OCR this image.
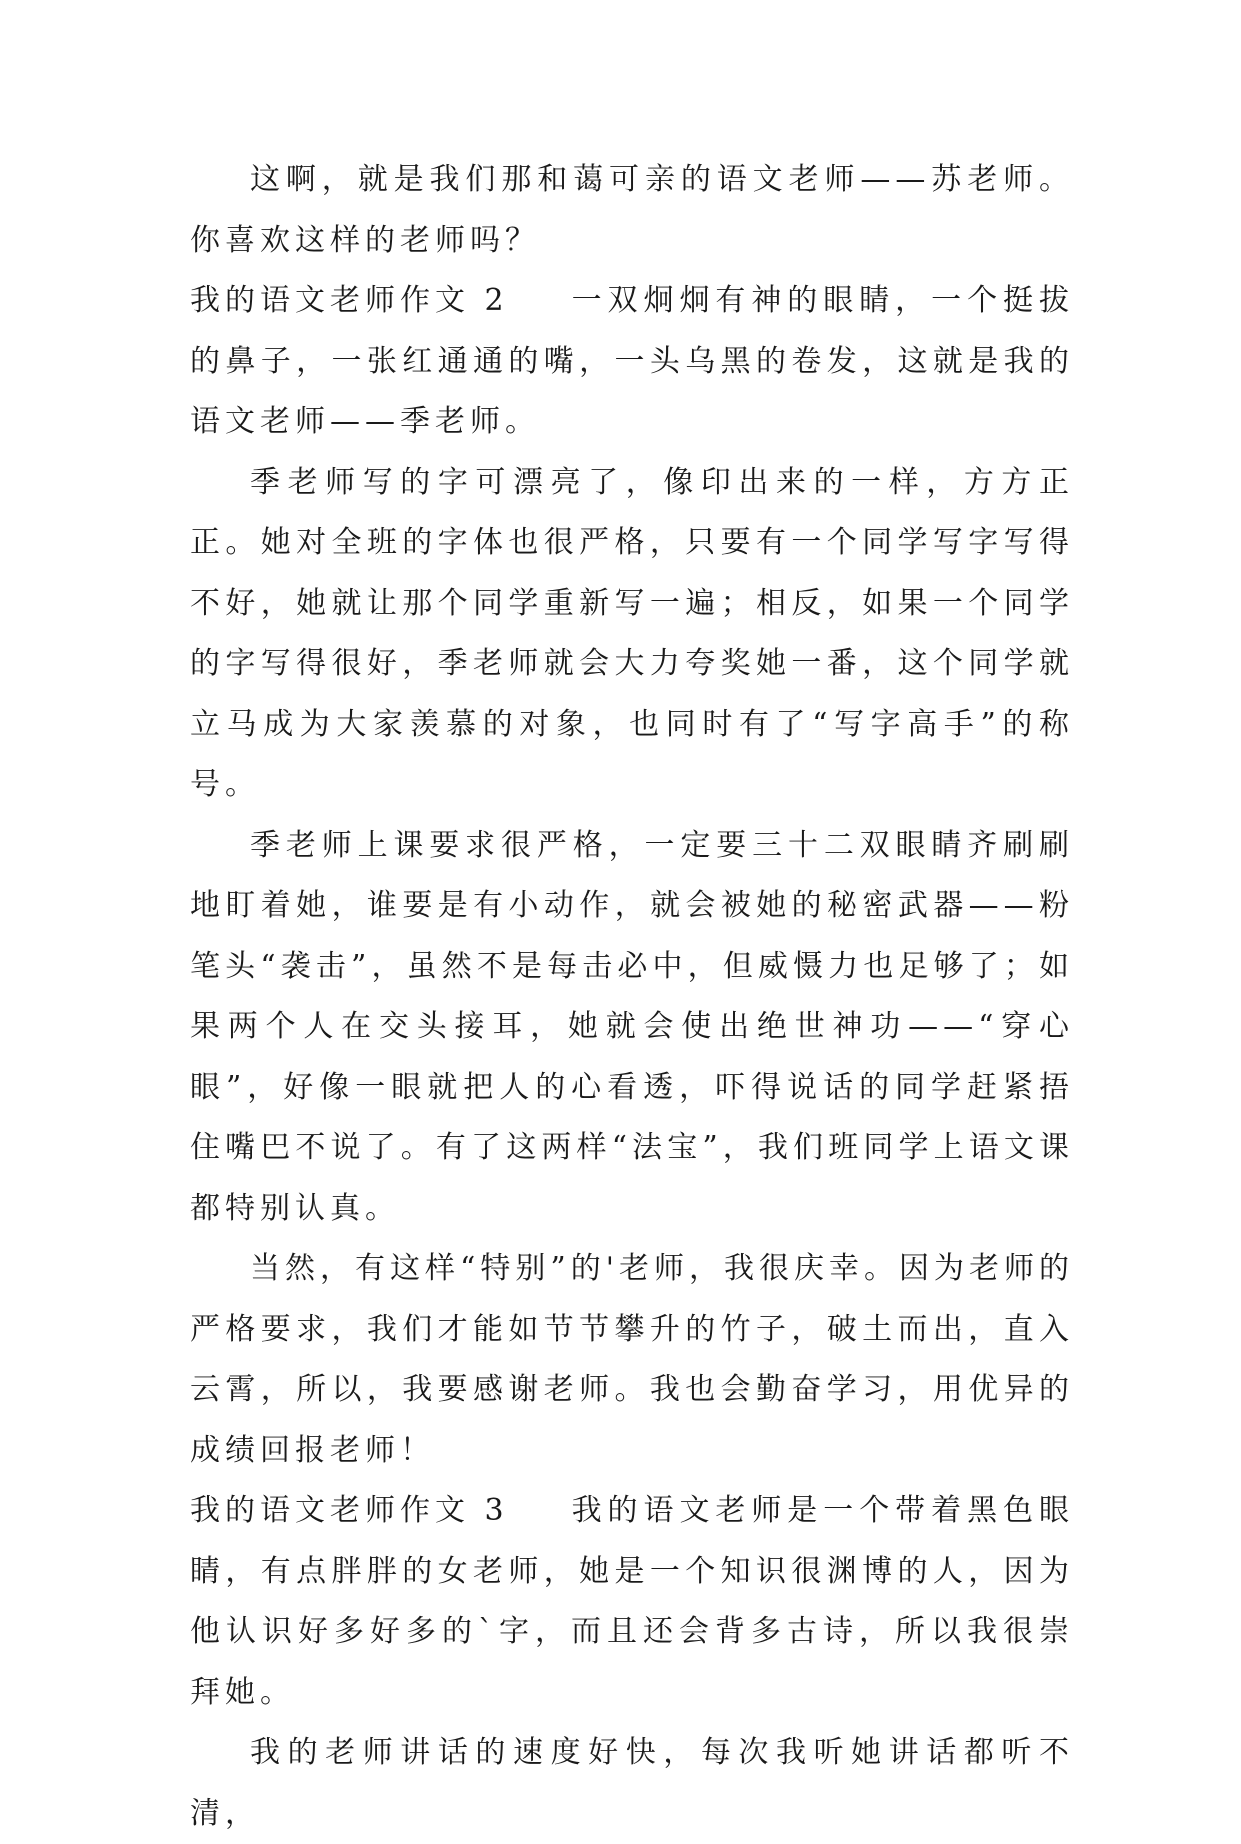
这啊，就是我们那和蔼可亲的语文老师——苏老师。你喜欢这样的老师吗？

我的语文老师作文 2 一双炯炯有神的眼睛，一个挺拔的鼻子，一张红通通的嘴，一头乌黑的卷发，这就是我的语文老师——季老师。

季老师写的字可漂亮了，像印出来的一样，方方正正。她对全班的字体也很严格，只要有一个同学写字写得不好，她就让那个同学重新写一遍；相反，如果一个同学的字写得很好，季老师就会大力夸奖她一番，这个同学就立马成为大家羡慕的对象，也同时有了“写字高手”的称号。

季老师上课要求很严格，一定要三十二双眼睛齐刷刷地盯着她，谁要是有小动作，就会被她的秘密武器——粉笔头“袭击”，虽然不是每击必中，但威慑力也足够了；如果两个人在交头接耳，她就会使出绝世神功——“穿心眼”，好像一眼就把人的心看透，吓得说话的同学赶紧捂住嘴巴不说了。有了这两样“法宝”，我们班同学上语文课都特别认真。

当然，有这样“特别”的'老师，我很庆幸。因为老师的严格要求，我们才能如节节攀升的竹子，破土而出，直入云霄，所以，我要感谢老师。我也会勤奋学习，用优异的成绩回报老师！

我的语文老师作文 3 我的语文老师是一个带着黑色眼睛，有点胖胖的女老师，她是一个知识很渊博的人，因为他认识好多好多的`字，而且还会背多古诗，所以我很崇拜她。

我的老师讲话的速度好快，每次我听她讲话都听不清，
